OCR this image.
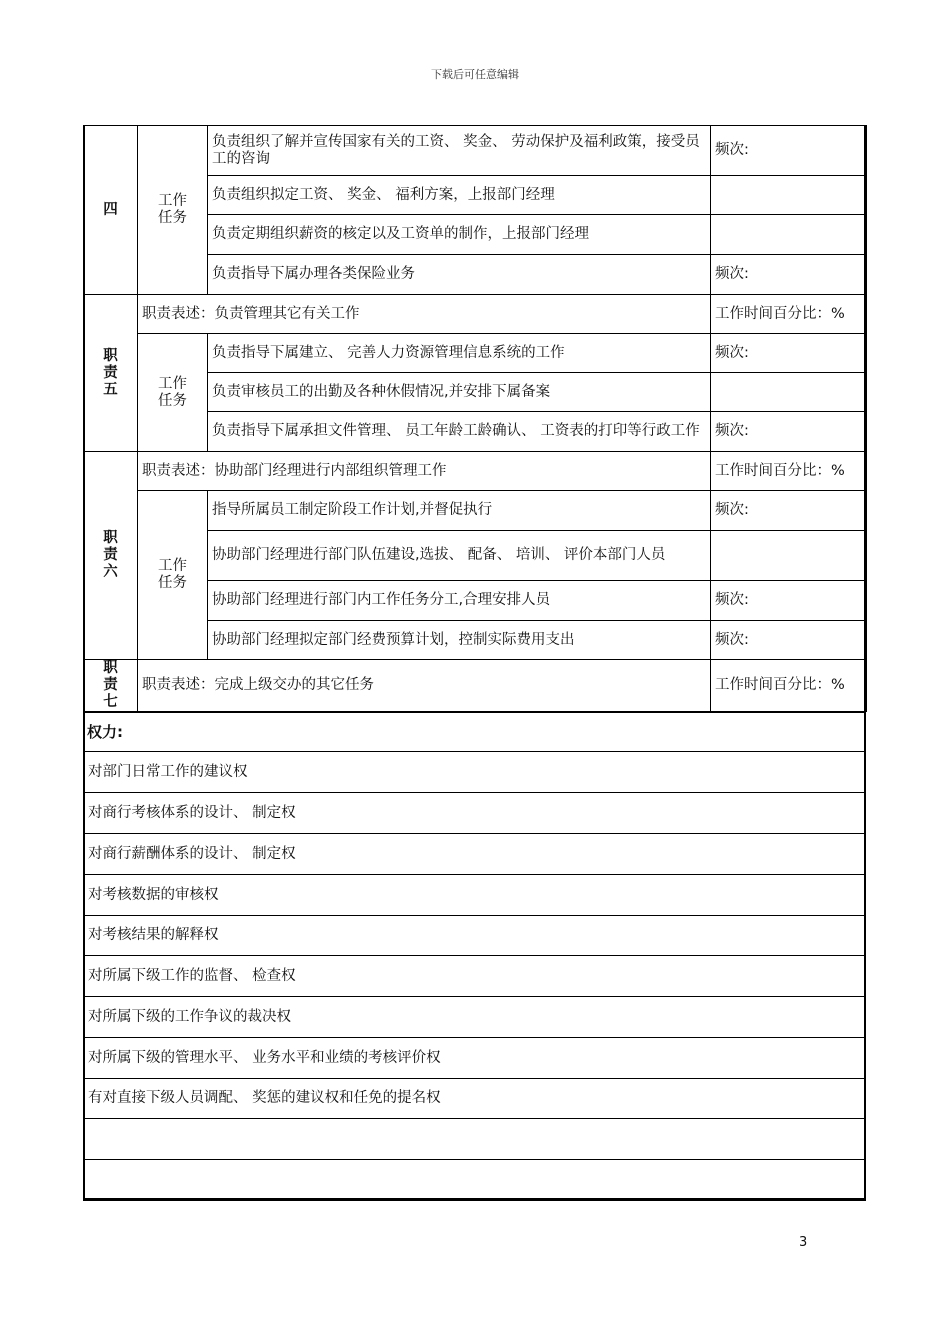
下载后可任意编辑
四	工作任务	负责组织了解并宣传国家有关的工资、 奖金、 劳动保护及福利政策，接受员工的咨询	频次:
		负责组织拟定工资、 奖金、 福利方案，上报部门经理	
		负责定期组织薪资的核定以及工资单的制作，上报部门经理	
		负责指导下属办理各类保险业务	频次:
职责五	职责表述：负责管理其它有关工作		工作时间百分比：%
	工作任务	负责指导下属建立、 完善人力资源管理信息系统的工作	频次:
		负责审核员工的出勤及各种休假情况,并安排下属备案	
		负责指导下属承担文件管理、 员工年龄工龄确认、 工资表的打印等行政工作	频次:
职责六	职责表述：协助部门经理进行内部组织管理工作		工作时间百分比：%
	工作任务	指导所属员工制定阶段工作计划,并督促执行	频次:
		协助部门经理进行部门队伍建设,选拔、 配备、 培训、 评价本部门人员	
		协助部门经理进行部门内工作任务分工,合理安排人员	频次:
		协助部门经理拟定部门经费预算计划，控制实际费用支出	频次:
职责七	职责表述：完成上级交办的其它任务		工作时间百分比：%
权力:
对部门日常工作的建议权
对商行考核体系的设计、 制定权
对商行薪酬体系的设计、 制定权
对考核数据的审核权
对考核结果的解释权
对所属下级工作的监督、 检查权
对所属下级的工作争议的裁决权
对所属下级的管理水平、 业务水平和业绩的考核评价权
有对直接下级人员调配、 奖惩的建议权和任免的提名权

3
